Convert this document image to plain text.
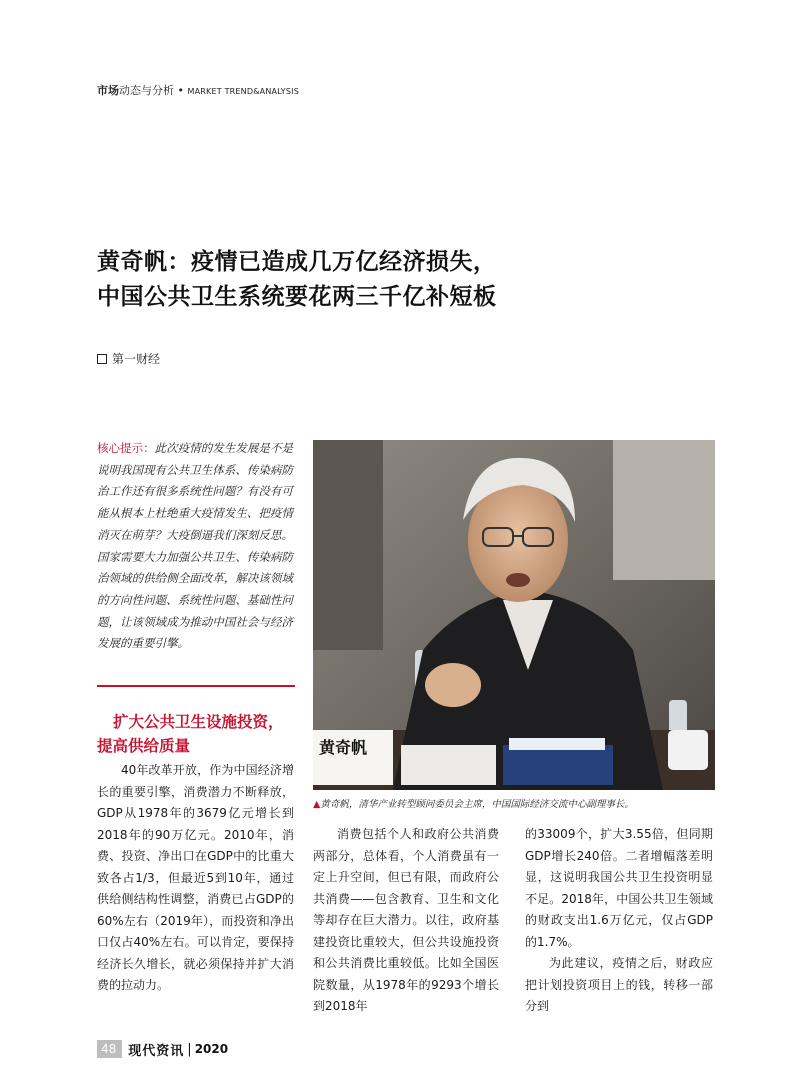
市场动态与分析 • MARKET TREND&ANALYSIS
黄奇帆：疫情已造成几万亿经济损失，
中国公共卫生系统要花两三千亿补短板
第一财经
核心提示：此次疫情的发生发展是不是说明我国现有公共卫生体系、传染病防治工作还有很多系统性问题？有没有可能从根本上杜绝重大疫情发生、把疫情消灭在萌芽？大疫倒逼我们深刻反思。国家需要大力加强公共卫生、传染病防治领域的供给侧全面改革，解决该领域的方向性问题、系统性问题、基础性问题，让该领域成为推动中国社会与经济发展的重要引擎。
扩大公共卫生设施投资，
提高供给质量

40年改革开放，作为中国经济增长的重要引擎，消费潜力不断释放，GDP从1978年的3679亿元增长到2018年的90万亿元。2010年，消费、投资、净出口在GDP中的比重大致各占1/3，但最近5到10年，通过供给侧结构性调整，消费已占GDP的60%左右（2019年），而投资和净出口仅占40%左右。可以肯定，要保持经济长久增长，就必须保持并扩大消费的拉动力。

黄奇帆
▲黄奇帆，清华产业转型顾问委员会主席，中国国际经济交流中心副理事长。

消费包括个人和政府公共消费两部分，总体看，个人消费虽有一定上升空间，但已有限，而政府公共消费——包含教育、卫生和文化等却存在巨大潜力。以往，政府基建投资比重较大，但公共设施投资和公共消费比重较低。比如全国医院数量，从1978年的9293个增长到2018年

的33009个，扩大3.55倍，但同期GDP增长240倍。二者增幅落差明显，这说明我国公共卫生投资明显不足。2018年，中国公共卫生领域的财政支出1.6万亿元，仅占GDP的1.7%。

为此建议，疫情之后，财政应把计划投资项目上的钱，转移一部分到

48 现代资讯 | 2020
